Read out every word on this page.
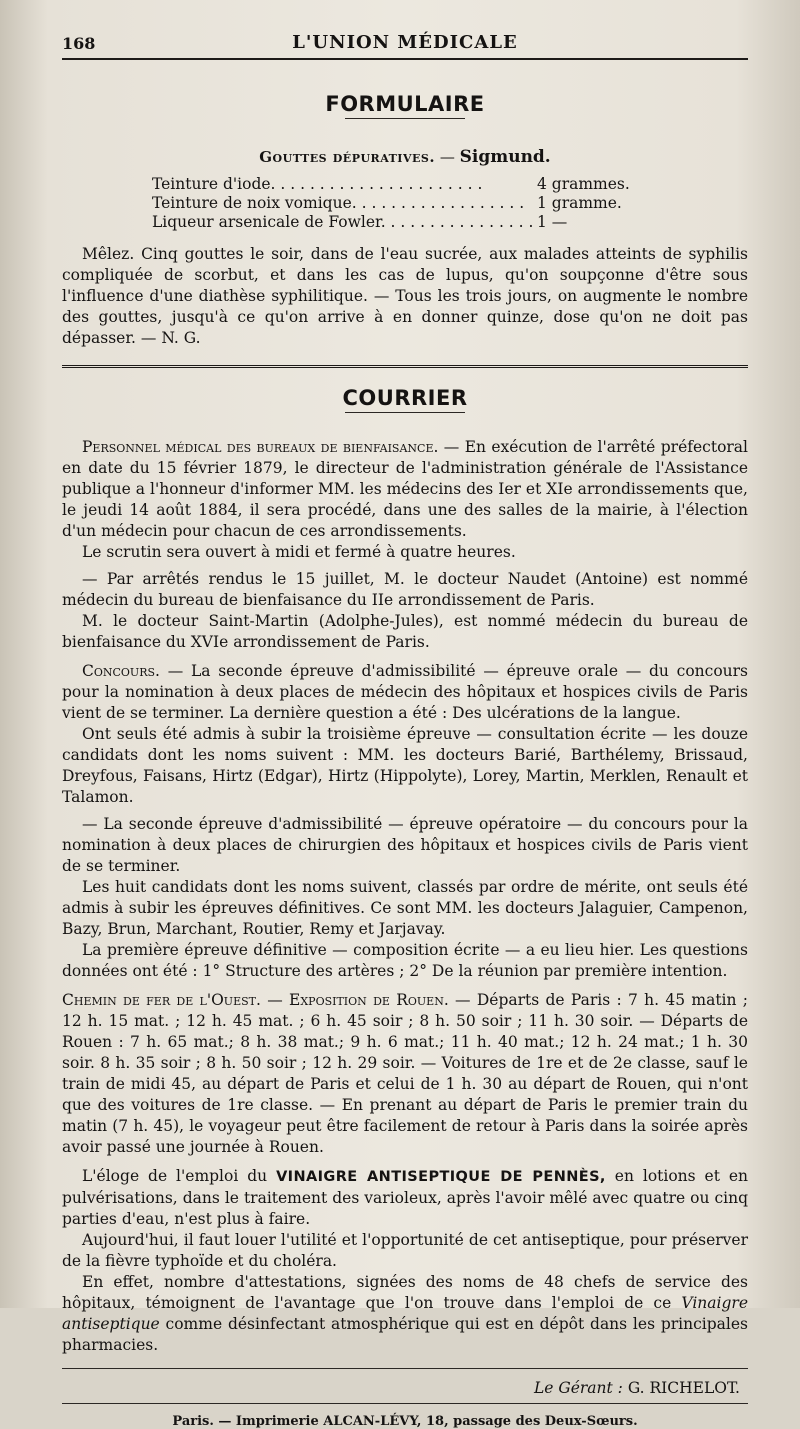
168	L'UNION MÉDICALE
FORMULAIRE

Gouttes dépuratives. — Sigmund.

Teinture d'iode. . . . . . . . . . . . . . . . . . . . . .	4 grammes.
Teinture de noix vomique. . . . . . . . . . . . . . . . . . 1 gramme.
Liqueur arsenicale de Fowler. . . . . . . . . . . . . . . . 1 —

Mêlez. Cinq gouttes le soir, dans de l'eau sucrée, aux malades atteints de syphilis compliquée de scorbut, et dans les cas de lupus, qu'on soupçonne d'être sous l'influence d'une diathèse syphilitique. — Tous les trois jours, on augmente le nombre des gouttes, jusqu'à ce qu'on arrive à en donner quinze, dose qu'on ne doit pas dépasser. — N. G.

COURRIER

Personnel médical des bureaux de bienfaisance. — En exécution de l'arrêté préfectoral en date du 15 février 1879, le directeur de l'administration générale de l'Assistance publique a l'honneur d'informer MM. les médecins des Ier et XIe arrondissements que, le jeudi 14 août 1884, il sera procédé, dans une des salles de la mairie, à l'élection d'un médecin pour chacun de ces arrondissements.

Le scrutin sera ouvert à midi et fermé à quatre heures.

— Par arrêtés rendus le 15 juillet, M. le docteur Naudet (Antoine) est nommé médecin du bureau de bienfaisance du IIe arrondissement de Paris.

M. le docteur Saint-Martin (Adolphe-Jules), est nommé médecin du bureau de bienfaisance du XVIe arrondissement de Paris.

Concours. — La seconde épreuve d'admissibilité — épreuve orale — du concours pour la nomination à deux places de médecin des hôpitaux et hospices civils de Paris vient de se terminer. La dernière question a été : Des ulcérations de la langue.

Ont seuls été admis à subir la troisième épreuve — consultation écrite — les douze candidats dont les noms suivent : MM. les docteurs Barié, Barthélemy, Brissaud, Dreyfous, Faisans, Hirtz (Edgar), Hirtz (Hippolyte), Lorey, Martin, Merklen, Renault et Talamon.

— La seconde épreuve d'admissibilité — épreuve opératoire — du concours pour la nomination à deux places de chirurgien des hôpitaux et hospices civils de Paris vient de se terminer.

Les huit candidats dont les noms suivent, classés par ordre de mérite, ont seuls été admis à subir les épreuves définitives. Ce sont MM. les docteurs Jalaguier, Campenon, Bazy, Brun, Marchant, Routier, Remy et Jarjavay.

La première épreuve définitive — composition écrite — a eu lieu hier. Les questions données ont été : 1° Structure des artères ; 2° De la réunion par première intention.

Chemin de fer de l'Ouest. — Exposition de Rouen. — Départs de Paris : 7 h. 45 matin ; 12 h. 15 mat. ; 12 h. 45 mat. ; 6 h. 45 soir ; 8 h. 50 soir ; 11 h. 30 soir. — Départs de Rouen : 7 h. 65 mat.; 8 h. 38 mat.; 9 h. 6 mat.; 11 h. 40 mat.; 12 h. 24 mat.; 1 h. 30 soir. 8 h. 35 soir ; 8 h. 50 soir ; 12 h. 29 soir. — Voitures de 1re et de 2e classe, sauf le train de midi 45, au départ de Paris et celui de 1 h. 30 au départ de Rouen, qui n'ont que des voitures de 1re classe. — En prenant au départ de Paris le premier train du matin (7 h. 45), le voyageur peut être facilement de retour à Paris dans la soirée après avoir passé une journée à Rouen.

L'éloge de l'emploi du VINAIGRE ANTISEPTIQUE DE PENNÈS, en lotions et en pulvérisations, dans le traitement des varioleux, après l'avoir mêlé avec quatre ou cinq parties d'eau, n'est plus à faire.

Aujourd'hui, il faut louer l'utilité et l'opportunité de cet antiseptique, pour préserver de la fièvre typhoïde et du choléra.

En effet, nombre d'attestations, signées des noms de 48 chefs de service des hôpitaux, témoignent de l'avantage que l'on trouve dans l'emploi de ce Vinaigre antiseptique comme désinfectant atmosphérique qui est en dépôt dans les principales pharmacies.

Le Gérant : G. RICHELOT.

Paris. — Imprimerie ALCAN-LÉVY, 18, passage des Deux-Sœurs.
